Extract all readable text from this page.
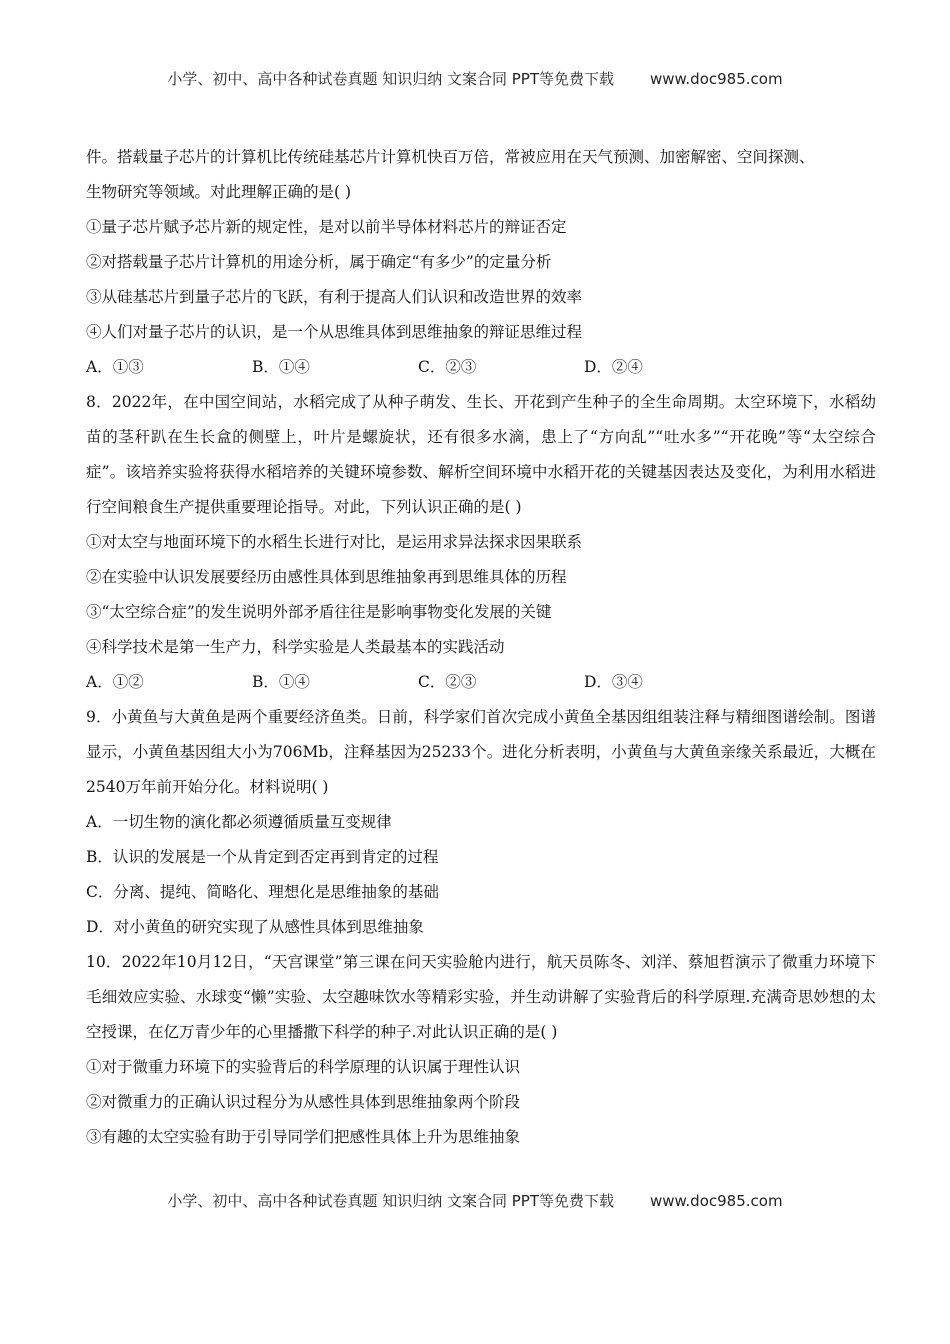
小学、初中、高中各种试卷真题 知识归纳 文案合同 PPT等免费下载 www.doc985.com
件。搭载量子芯片的计算机比传统硅基芯片计算机快百万倍，常被应用在天气预测、加密解密、空间探测、
生物研究等领域。对此理解正确的是( )
①量子芯片赋予芯片新的规定性，是对以前半导体材料芯片的辩证否定
②对搭载量子芯片计算机的用途分析，属于确定“有多少”的定量分析
③从硅基芯片到量子芯片的飞跃，有利于提高人们认识和改造世界的效率
④人们对量子芯片的认识，是一个从思维具体到思维抽象的辩证思维过程
A．①③	B．①④	C．②③	D．②④
8．2022年，在中国空间站，水稻完成了从种子萌发、生长、开花到产生种子的全生命周期。太空环境下，水稻幼苗的茎秆趴在生长盒的侧壁上，叶片是螺旋状，还有很多水滴，患上了“方向乱”“吐水多”“开花晚”等“太空综合症”。该培养实验将获得水稻培养的关键环境参数、解析空间环境中水稻开花的关键基因表达及变化，为利用水稻进行空间粮食生产提供重要理论指导。对此，下列认识正确的是( )
①对太空与地面环境下的水稻生长进行对比，是运用求异法探求因果联系
②在实验中认识发展要经历由感性具体到思维抽象再到思维具体的历程
③“太空综合症”的发生说明外部矛盾往往是影响事物变化发展的关键
④科学技术是第一生产力，科学实验是人类最基本的实践活动
A．①②	B．①④	C．②③	D．③④
9．小黄鱼与大黄鱼是两个重要经济鱼类。日前，科学家们首次完成小黄鱼全基因组组装注释与精细图谱绘制。图谱显示，小黄鱼基因组大小为706Mb，注释基因为25233个。进化分析表明，小黄鱼与大黄鱼亲缘关系最近，大概在2540万年前开始分化。材料说明( )
A．一切生物的演化都必须遵循质量互变规律
B．认识的发展是一个从肯定到否定再到肯定的过程
C．分离、提纯、简略化、理想化是思维抽象的基础
D．对小黄鱼的研究实现了从感性具体到思维抽象
10．2022年10月12日，“天宫课堂”第三课在问天实验舱内进行，航天员陈冬、刘洋、蔡旭哲演示了微重力环境下毛细效应实验、水球变“懒”实验、太空趣味饮水等精彩实验，并生动讲解了实验背后的科学原理.充满奇思妙想的太空授课，在亿万青少年的心里播撒下科学的种子.对此认识正确的是( )
①对于微重力环境下的实验背后的科学原理的认识属于理性认识
②对微重力的正确认识过程分为从感性具体到思维抽象两个阶段
③有趣的太空实验有助于引导同学们把感性具体上升为思维抽象
小学、初中、高中各种试卷真题 知识归纳 文案合同 PPT等免费下载 www.doc985.com
